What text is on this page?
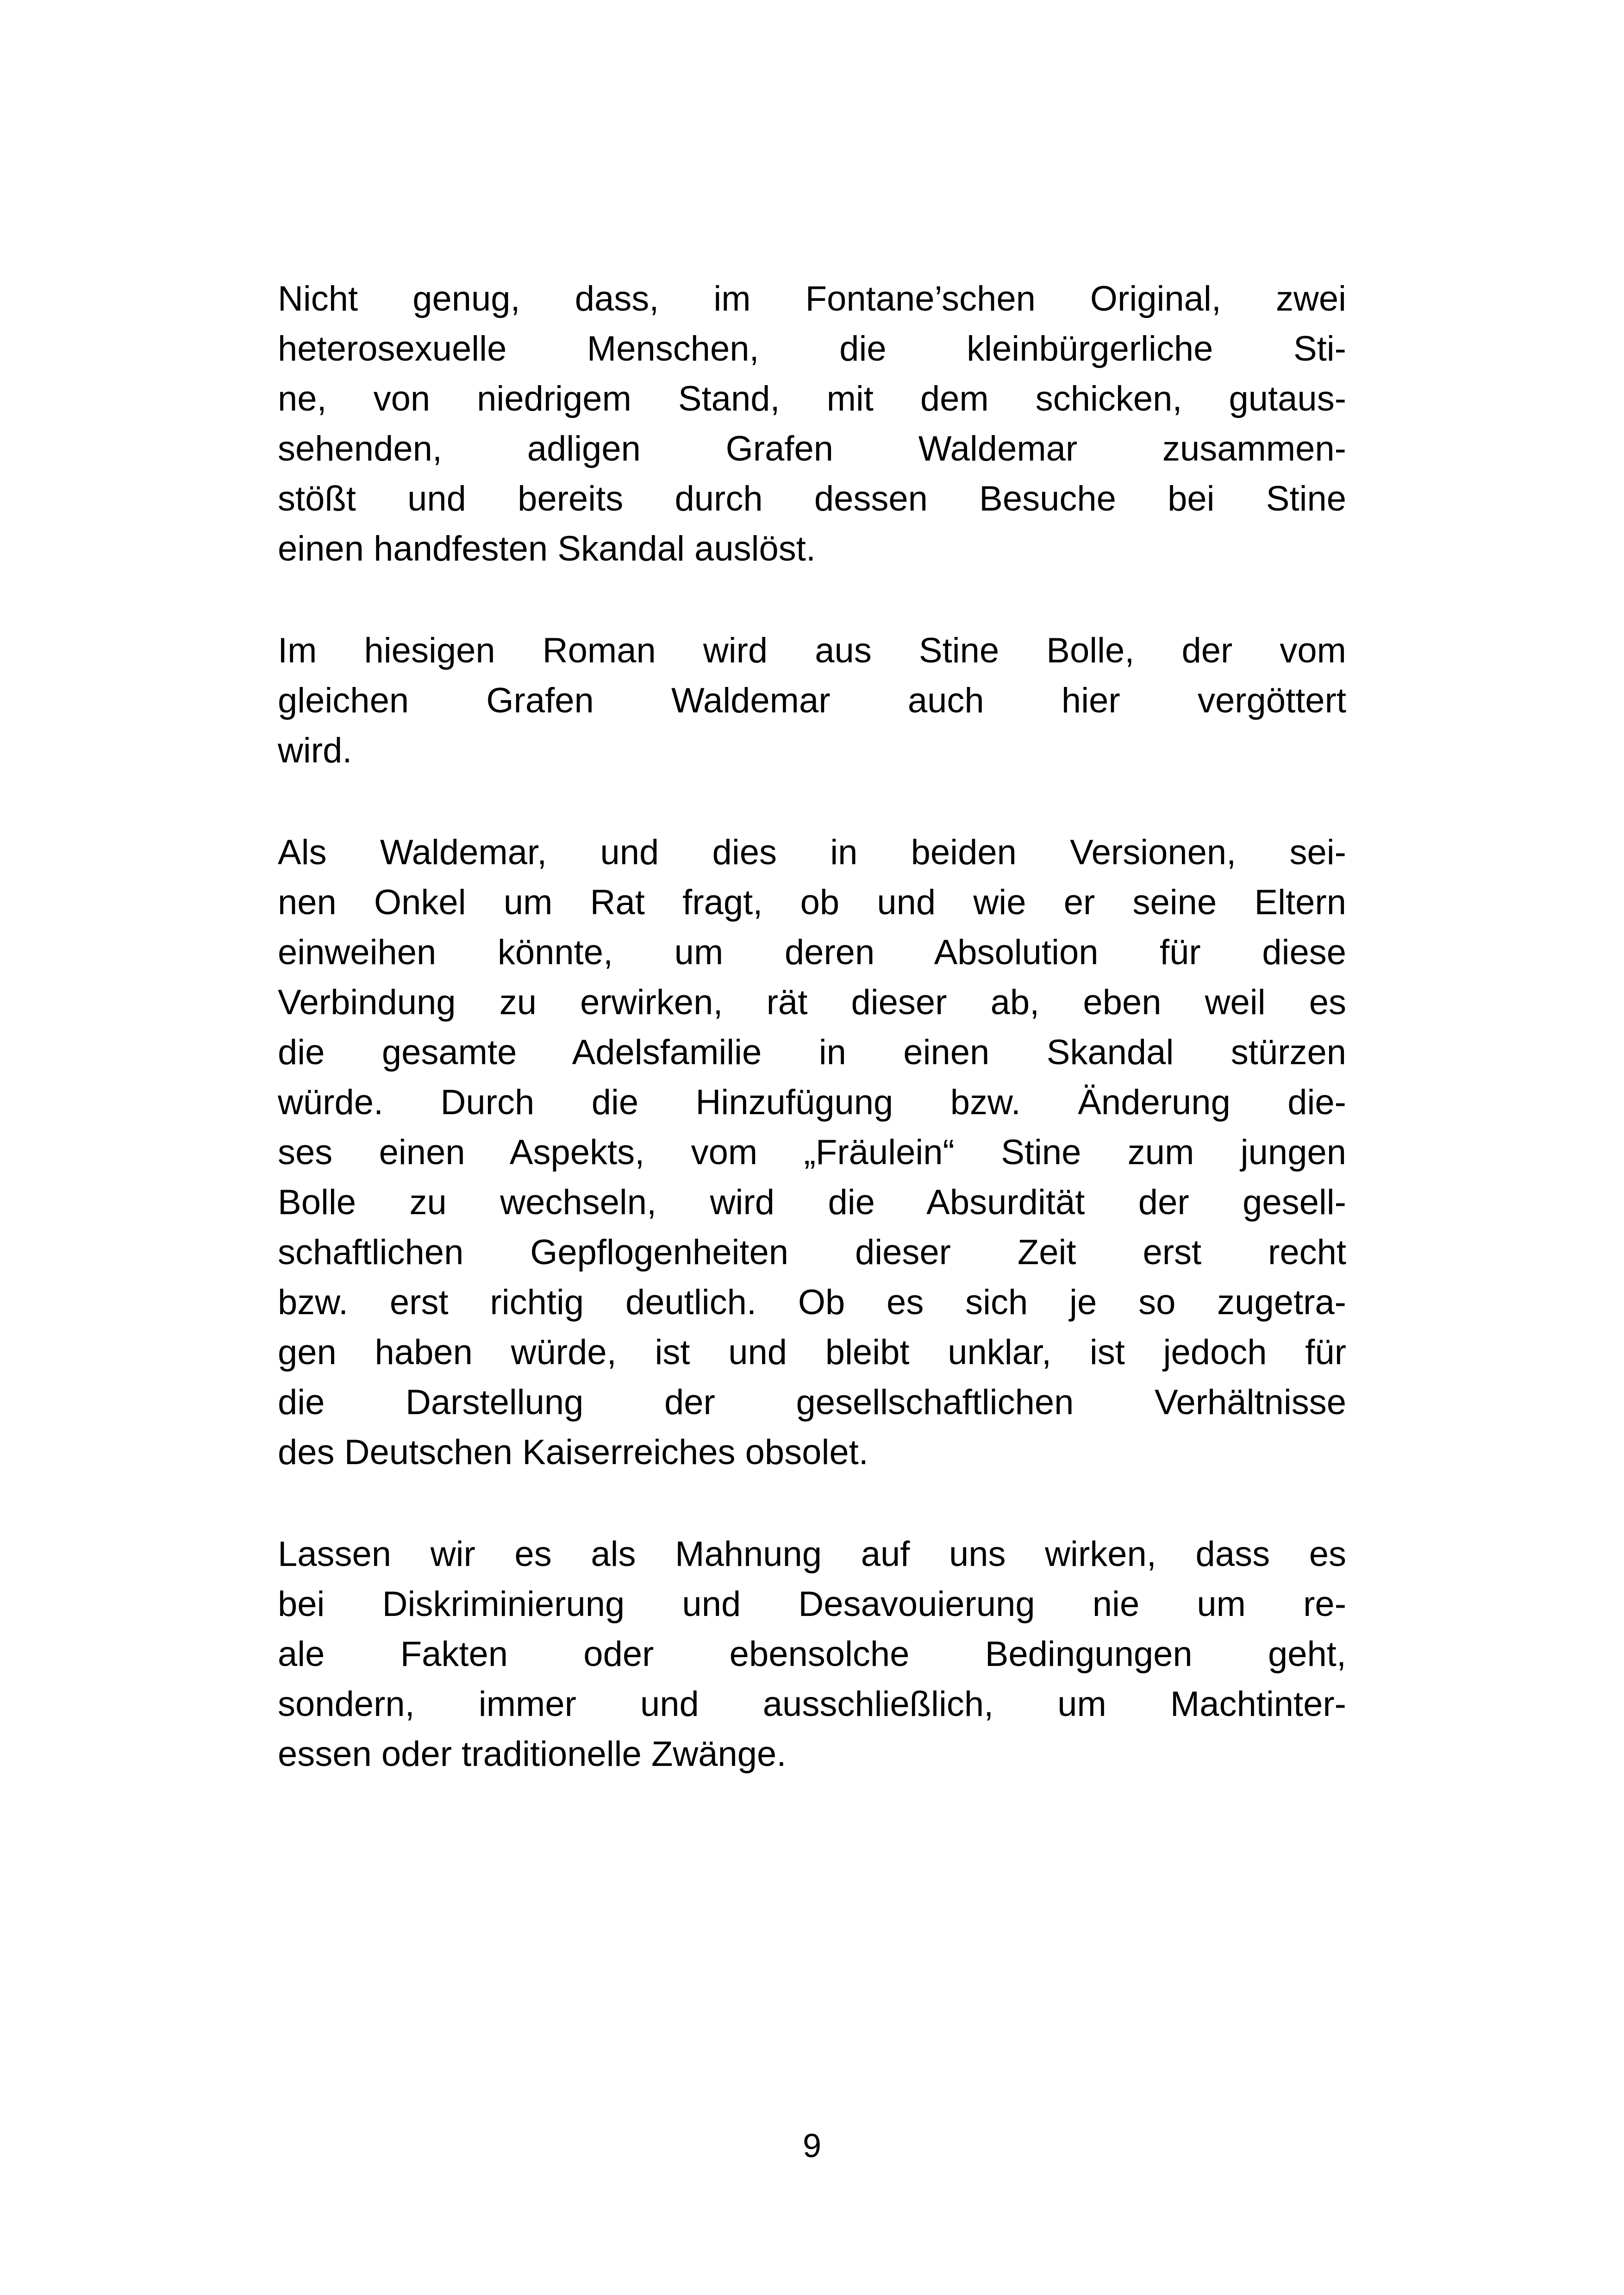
Nicht genug, dass, im Fontane’schen Original, zwei
heterosexuelle Menschen, die kleinbürgerliche Sti-
ne, von niedrigem Stand, mit dem schicken, gutaus-
sehenden, adligen Grafen Waldemar zusammen-
stößt und bereits durch dessen Besuche bei Stine
einen handfesten Skandal auslöst.
Im hiesigen Roman wird aus Stine Bolle, der vom
gleichen Grafen Waldemar auch hier vergöttert
wird.
Als Waldemar, und dies in beiden Versionen, sei-
nen Onkel um Rat fragt, ob und wie er seine Eltern
einweihen könnte, um deren Absolution für diese
Verbindung zu erwirken, rät dieser ab, eben weil es
die gesamte Adelsfamilie in einen Skandal stürzen
würde. Durch die Hinzufügung bzw. Änderung die-
ses einen Aspekts, vom „Fräulein“ Stine zum jungen
Bolle zu wechseln, wird die Absurdität der gesell-
schaftlichen Gepflogenheiten dieser Zeit erst recht
bzw. erst richtig deutlich. Ob es sich je so zugetra-
gen haben würde, ist und bleibt unklar, ist jedoch für
die Darstellung der gesellschaftlichen Verhältnisse
des Deutschen Kaiserreiches obsolet.
Lassen wir es als Mahnung auf uns wirken, dass es
bei Diskriminierung und Desavouierung nie um re-
ale Fakten oder ebensolche Bedingungen geht,
sondern, immer und ausschließlich, um Machtinter-
essen oder traditionelle Zwänge.
9
